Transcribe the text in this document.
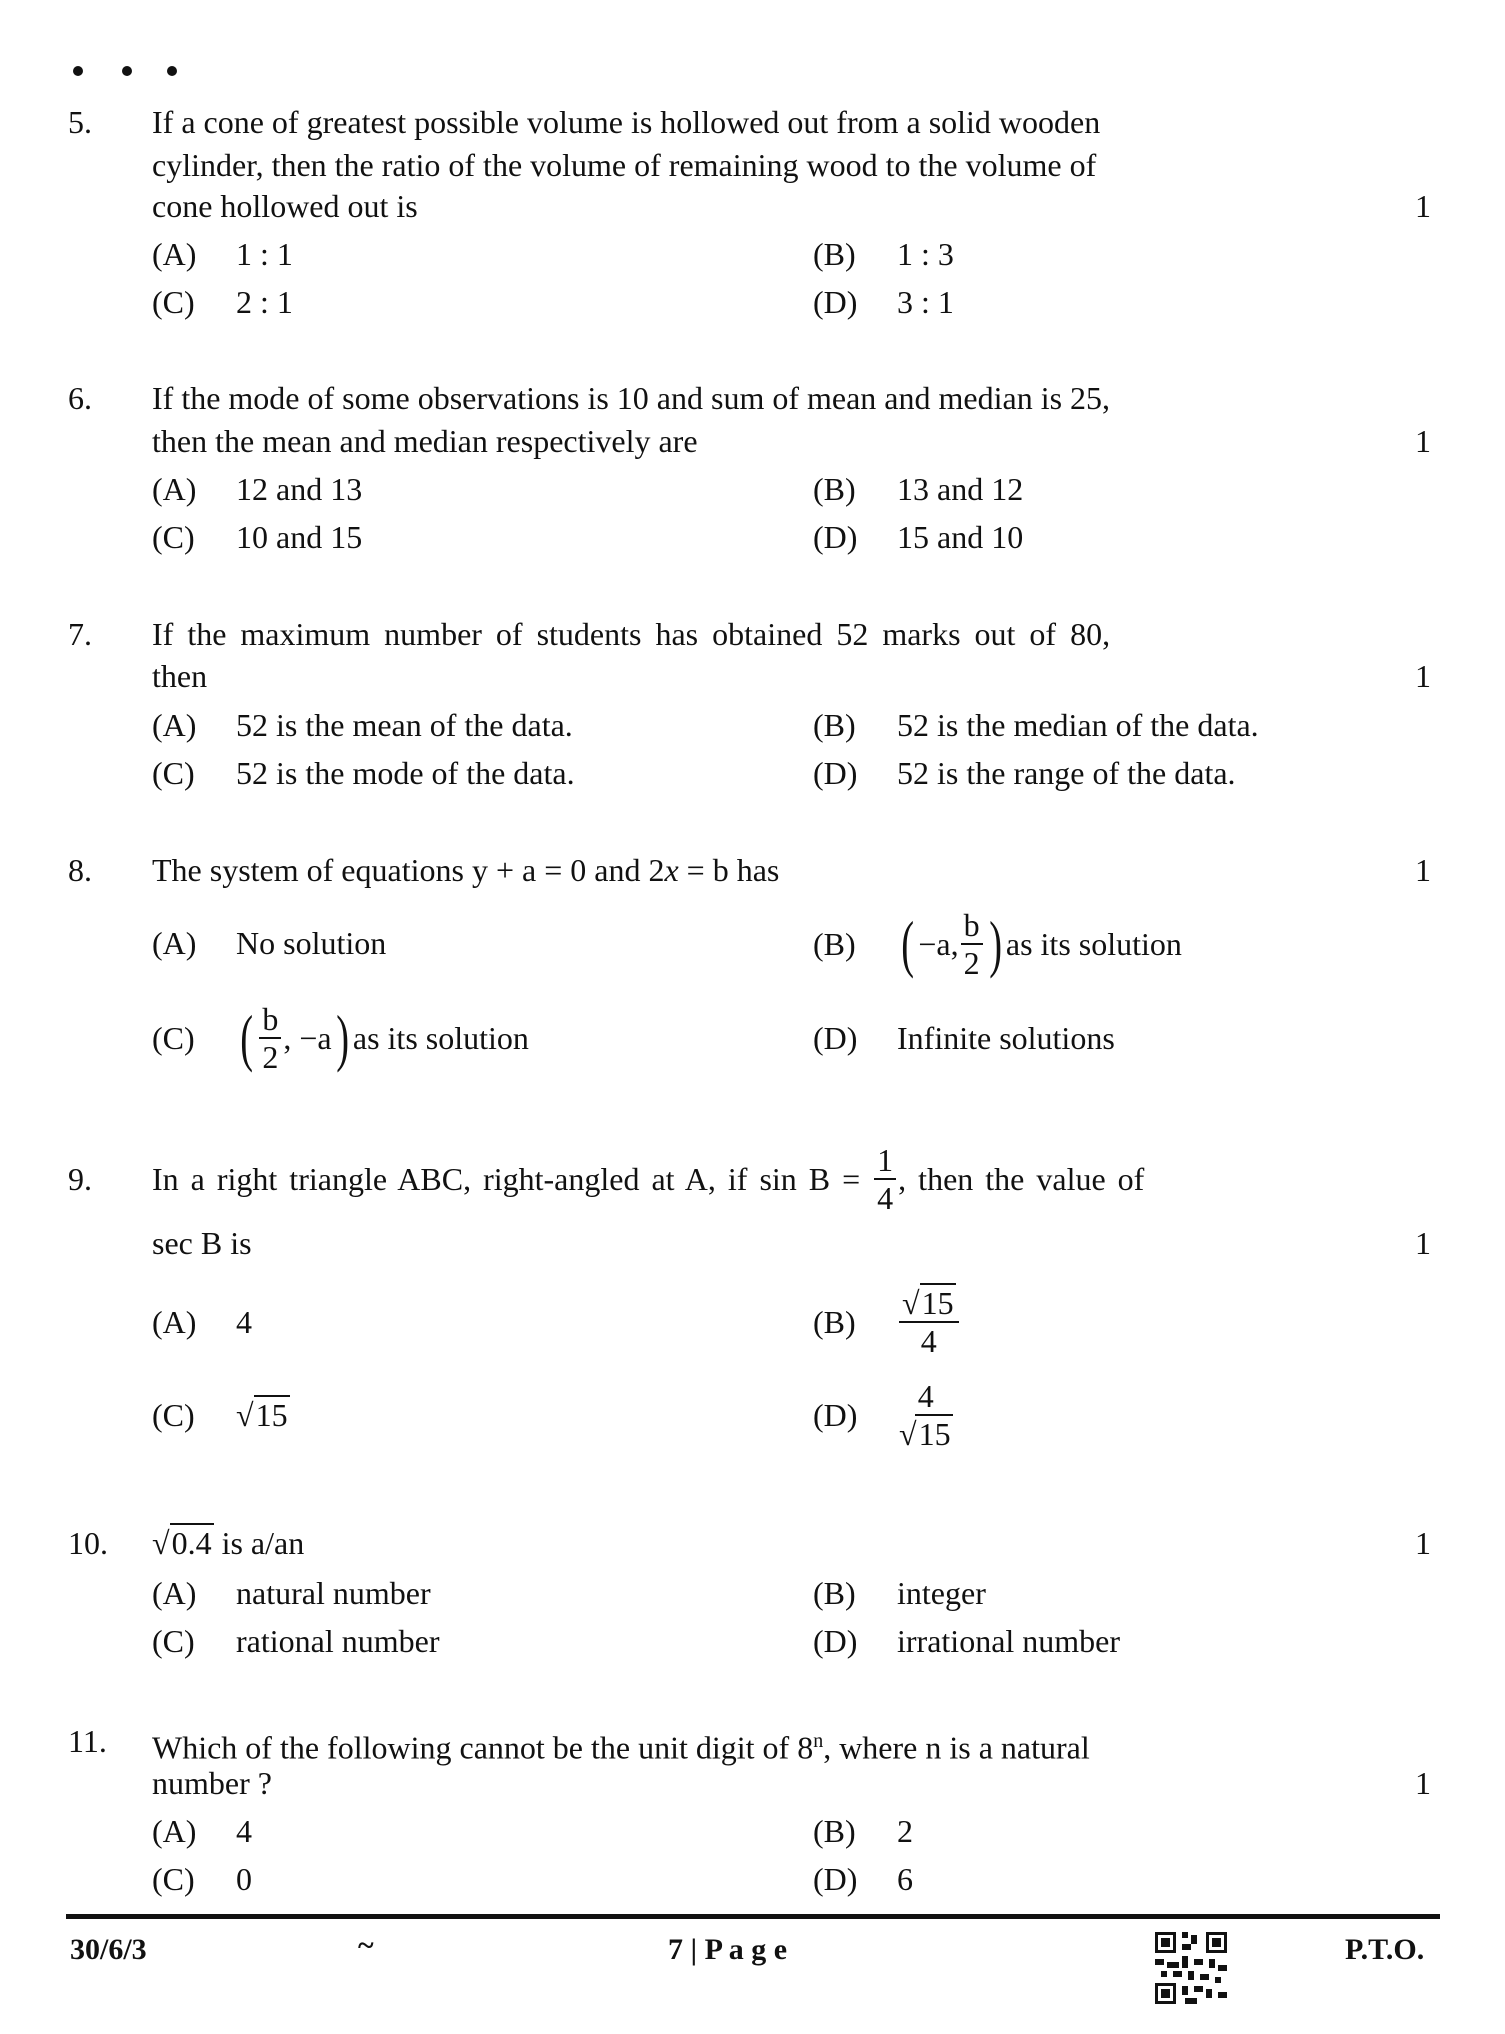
5. If a cone of greatest possible volume is hollowed out from a solid wooden
cylinder, then the ratio of the volume of remaining wood to the volume of
cone hollowed out is	1
(A) 1 : 1	(B) 1 : 3
(C) 2 : 1	(D) 3 : 1
6. If the mode of some observations is 10 and sum of mean and median is 25,
then the mean and median respectively are	1
(A) 12 and 13	(B) 13 and 12
(C) 10 and 15	(D) 15 and 10
7. If the maximum number of students has obtained 52 marks out of 80,
then	1
(A) 52 is the mean of the data.	(B) 52 is the median of the data.
(C) 52 is the mode of the data.	(D) 52 is the range of the data.
8. The system of equations y + a = 0 and 2x = b has	1
(A) No solution	(B) ( −a, $\frac{b}{2}$ ) as its solution
(C) ( $\frac{b}{2}$ , −a ) as its solution	(D) Infinite solutions
9. In a right triangle ABC, right-angled at A, if sin B =
$\frac{1}{4}$ , then the value of
sec B is	1
(A) 4	(B)	$\frac{√15}{4}$
(C) √15	(D)	$\frac{4}{√15}$
10. √0.4 is a/an	1
(A) natural number	(B) integer
(C) rational number	(D) irrational number
11. Which of the following cannot be the unit digit of 8$^n$, where n is a natural
number ?	1
(A) 4	(B) 2
(C) 0	(D) 6
30/6/3	~	7 | P a g e	P.T.O.
